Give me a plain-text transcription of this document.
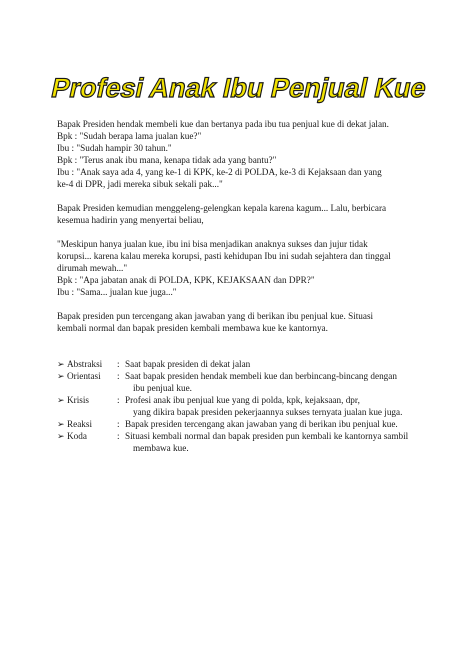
Profesi Anak Ibu Penjual Kue

Bapak Presiden hendak membeli kue dan bertanya pada ibu tua penjual kue di dekat jalan.

Bpk : "Sudah berapa lama jualan kue?"

Ibu : "Sudah hampir 30 tahun."

Bpk : "Terus anak ibu mana, kenapa tidak ada yang bantu?"

Ibu : "Anak saya ada 4, yang ke-1 di KPK, ke-2 di POLDA, ke-3 di Kejaksaan dan yang

ke-4 di DPR, jadi mereka sibuk sekali pak..."

Bapak Presiden kemudian menggeleng-gelengkan kepala karena kagum... Lalu, berbicara

kesemua hadirin yang menyertai beliau,

"Meskipun hanya jualan kue, ibu ini bisa menjadikan anaknya sukses dan jujur tidak

korupsi... karena kalau mereka korupsi, pasti kehidupan Ibu ini sudah sejahtera dan tinggal

dirumah mewah..."

Bpk : "Apa jabatan anak di POLDA, KPK, KEJAKSAAN dan DPR?"

Ibu : "Sama... jualan kue juga..."

Bapak presiden pun tercengang akan jawaban yang di berikan ibu penjual kue. Situasi

kembali normal dan bapak presiden kembali membawa kue ke kantornya.

➢ Abstraksi	: Saat bapak presiden di dekat jalan
➢ Orientasi	: Saat bapak presiden hendak membeli kue dan berbincang-bincang dengan
ibu penjual kue.
➢ Krisis	: Profesi anak ibu penjual kue yang di polda, kpk, kejaksaan, dpr,
yang dikira bapak presiden pekerjaannya sukses ternyata jualan kue juga.
➢ Reaksi	: Bapak presiden tercengang akan jawaban yang di berikan ibu penjual kue.
➢ Koda	: Situasi kembali normal dan bapak presiden pun kembali ke kantornya sambil
membawa kue.
